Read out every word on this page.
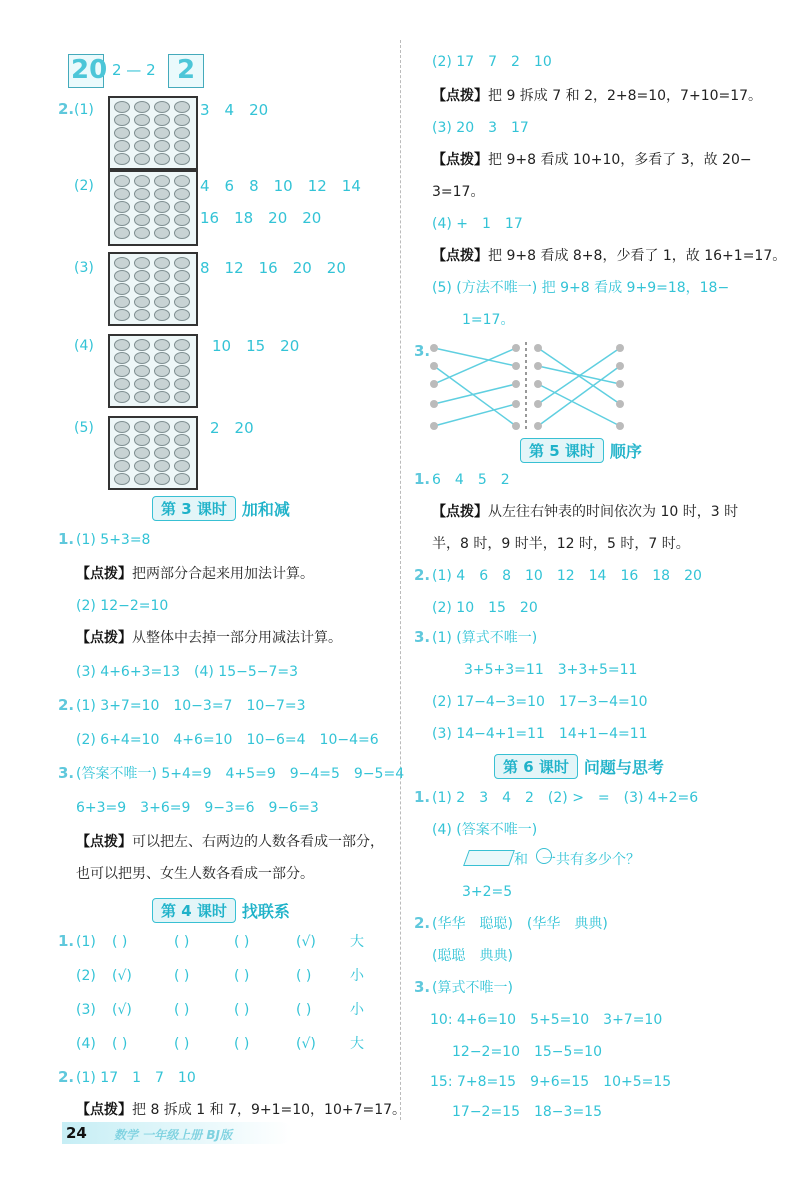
20 2 — 2 2
2. (1)	3　4　20
(2)	4　6　8　10　12　14
16　18　20　20
(3)	8　12　16　20　20
(4)	10　15　20
(5)	2　20
第 3 课时 加和减
1. (1) 5+3=8
【点拨】把两部分合起来用加法计算。
(2) 12−2=10
【点拨】从整体中去掉一部分用减法计算。
(3) 4+6+3=13　(4) 15−5−7=3
2. (1) 3+7=10　10−3=7　10−7=3
(2) 6+4=10　4+6=10　10−6=4　10−4=6
3. (答案不唯一) 5+4=9　4+5=9　9−4=5　9−5=4
6+3=9　3+6=9　9−3=6　9−6=3
【点拨】可以把左、右两边的人数各看成一部分，
也可以把男、女生人数各看成一部分。
第 4 课时 找联系
1. (1) ( )	( )	( )	(√) 大
(2) (√)	( )	( )	( )	小
(3) (√)	( )	( )	( )	小
(4) ( )	( )	( )	(√) 大
2. (1) 17　1　7　10
【点拨】把 8 拆成 1 和 7，9+1=10，10+7=17。
(2) 17　7　2　10
【点拨】把 9 拆成 7 和 2，2+8=10，7+10=17。
(3) 20　3　17
【点拨】把 9+8 看成 10+10，多看了 3，故 20−
3=17。
(4) +　1　17
【点拨】把 9+8 看成 8+8，少看了 1，故 16+1=17。
(5) (方法不唯一) 把 9+8 看成 9+9=18，18−
1=17。
3.
第 5 课时 顺序
1. 6　4　5　2
【点拨】从左往右钟表的时间依次为 10 时，3 时
半，8 时，9 时半，12 时，5 时，7 时。
2. (1) 4　6　8　10　12　14　16　18　20
(2) 10　15　20
3. (1) (算式不唯一)
3+5+3=11　3+3+5=11
(2) 17−4−3=10　17−3−4=10
(3) 14−4+1=11　14+1−4=11
第 6 课时 问题与思考
1. (1) 2　3　4　2　(2) >　=　(3) 4+2=6
(4) (答案不唯一)
和　一共有多少个？
3+2=5
2. (华华　聪聪)　(华华　典典)
(聪聪　典典)
3. (算式不唯一)
10: 4+6=10　5+5=10　3+7=10
12−2=10　15−5=10
15: 7+8=15　9+6=15　10+5=15
17−2=15　18−3=15
24 数学 一年级上册 BJ版
